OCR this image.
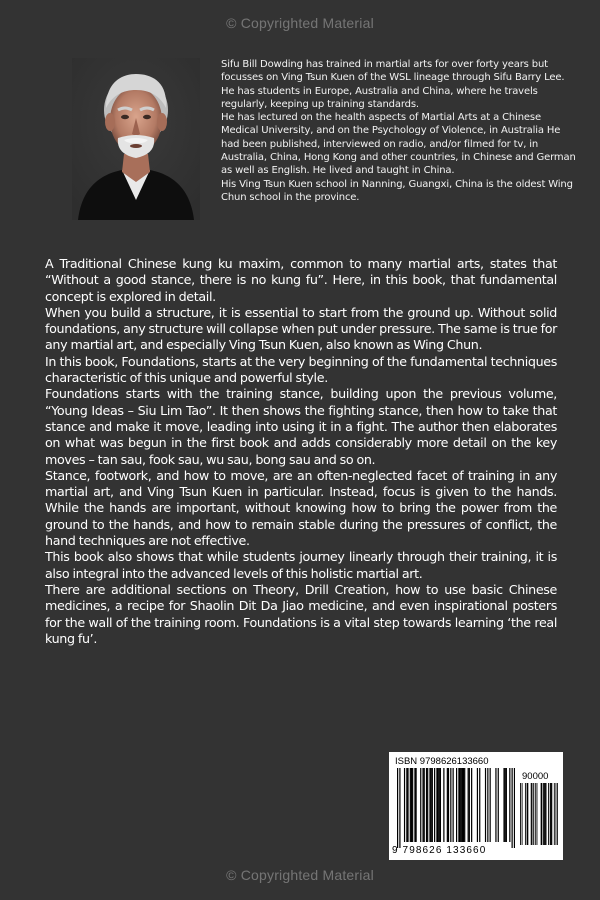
© Copyrighted Material

Sifu Bill Dowding has trained in martial arts for over forty years but focusses on Ving Tsun Kuen of the WSL lineage through Sifu Barry Lee.

He has students in Europe, Australia and China, where he travels regularly, keeping up training standards.

He has lectured on the health aspects of Martial Arts at a Chinese Medical University, and on the Psychology of Violence, in Australia He had been published, interviewed on radio, and/or filmed for tv, in Australia, China, Hong Kong and other countries, in Chinese and German as well as English. He lived and taught in China.

His Ving Tsun Kuen school in Nanning, Guangxi, China is the oldest Wing Chun school in the province.

A Traditional Chinese kung ku maxim, common to many martial arts, states that “Without a good stance, there is no kung fu”. Here, in this book, that fundamental concept is explored in detail.

When you build a structure, it is essential to start from the ground up. Without solid foundations, any structure will collapse when put under pressure. The same is true for any martial art, and especially Ving Tsun Kuen, also known as Wing Chun.

In this book, Foundations, starts at the very beginning of the fundamental techniques characteristic of this unique and powerful style.

Foundations starts with the training stance, building upon the previous volume, “Young Ideas – Siu Lim Tao”. It then shows the fighting stance, then how to take that stance and make it move, leading into using it in a fight. The author then elaborates on what was begun in the first book and adds considerably more detail on the key moves – tan sau, fook sau, wu sau, bong sau and so on.

Stance, footwork, and how to move, are an often-neglected facet of training in any martial art, and Ving Tsun Kuen in particular. Instead, focus is given to the hands. While the hands are important, without knowing how to bring the power from the ground to the hands, and how to remain stable during the pressures of conflict, the hand techniques are not effective.

This book also shows that while students journey linearly through their training, it is also integral into the advanced levels of this holistic martial art.

There are additional sections on Theory, Drill Creation, how to use basic Chinese medicines, a recipe for Shaolin Dit Da Jiao medicine, and even inspirational posters for the wall of the training room. Foundations is a vital step towards learning ‘the real kung fu’.

ISBN 9798626133660
90000
9 798626 133660
© Copyrighted Material
